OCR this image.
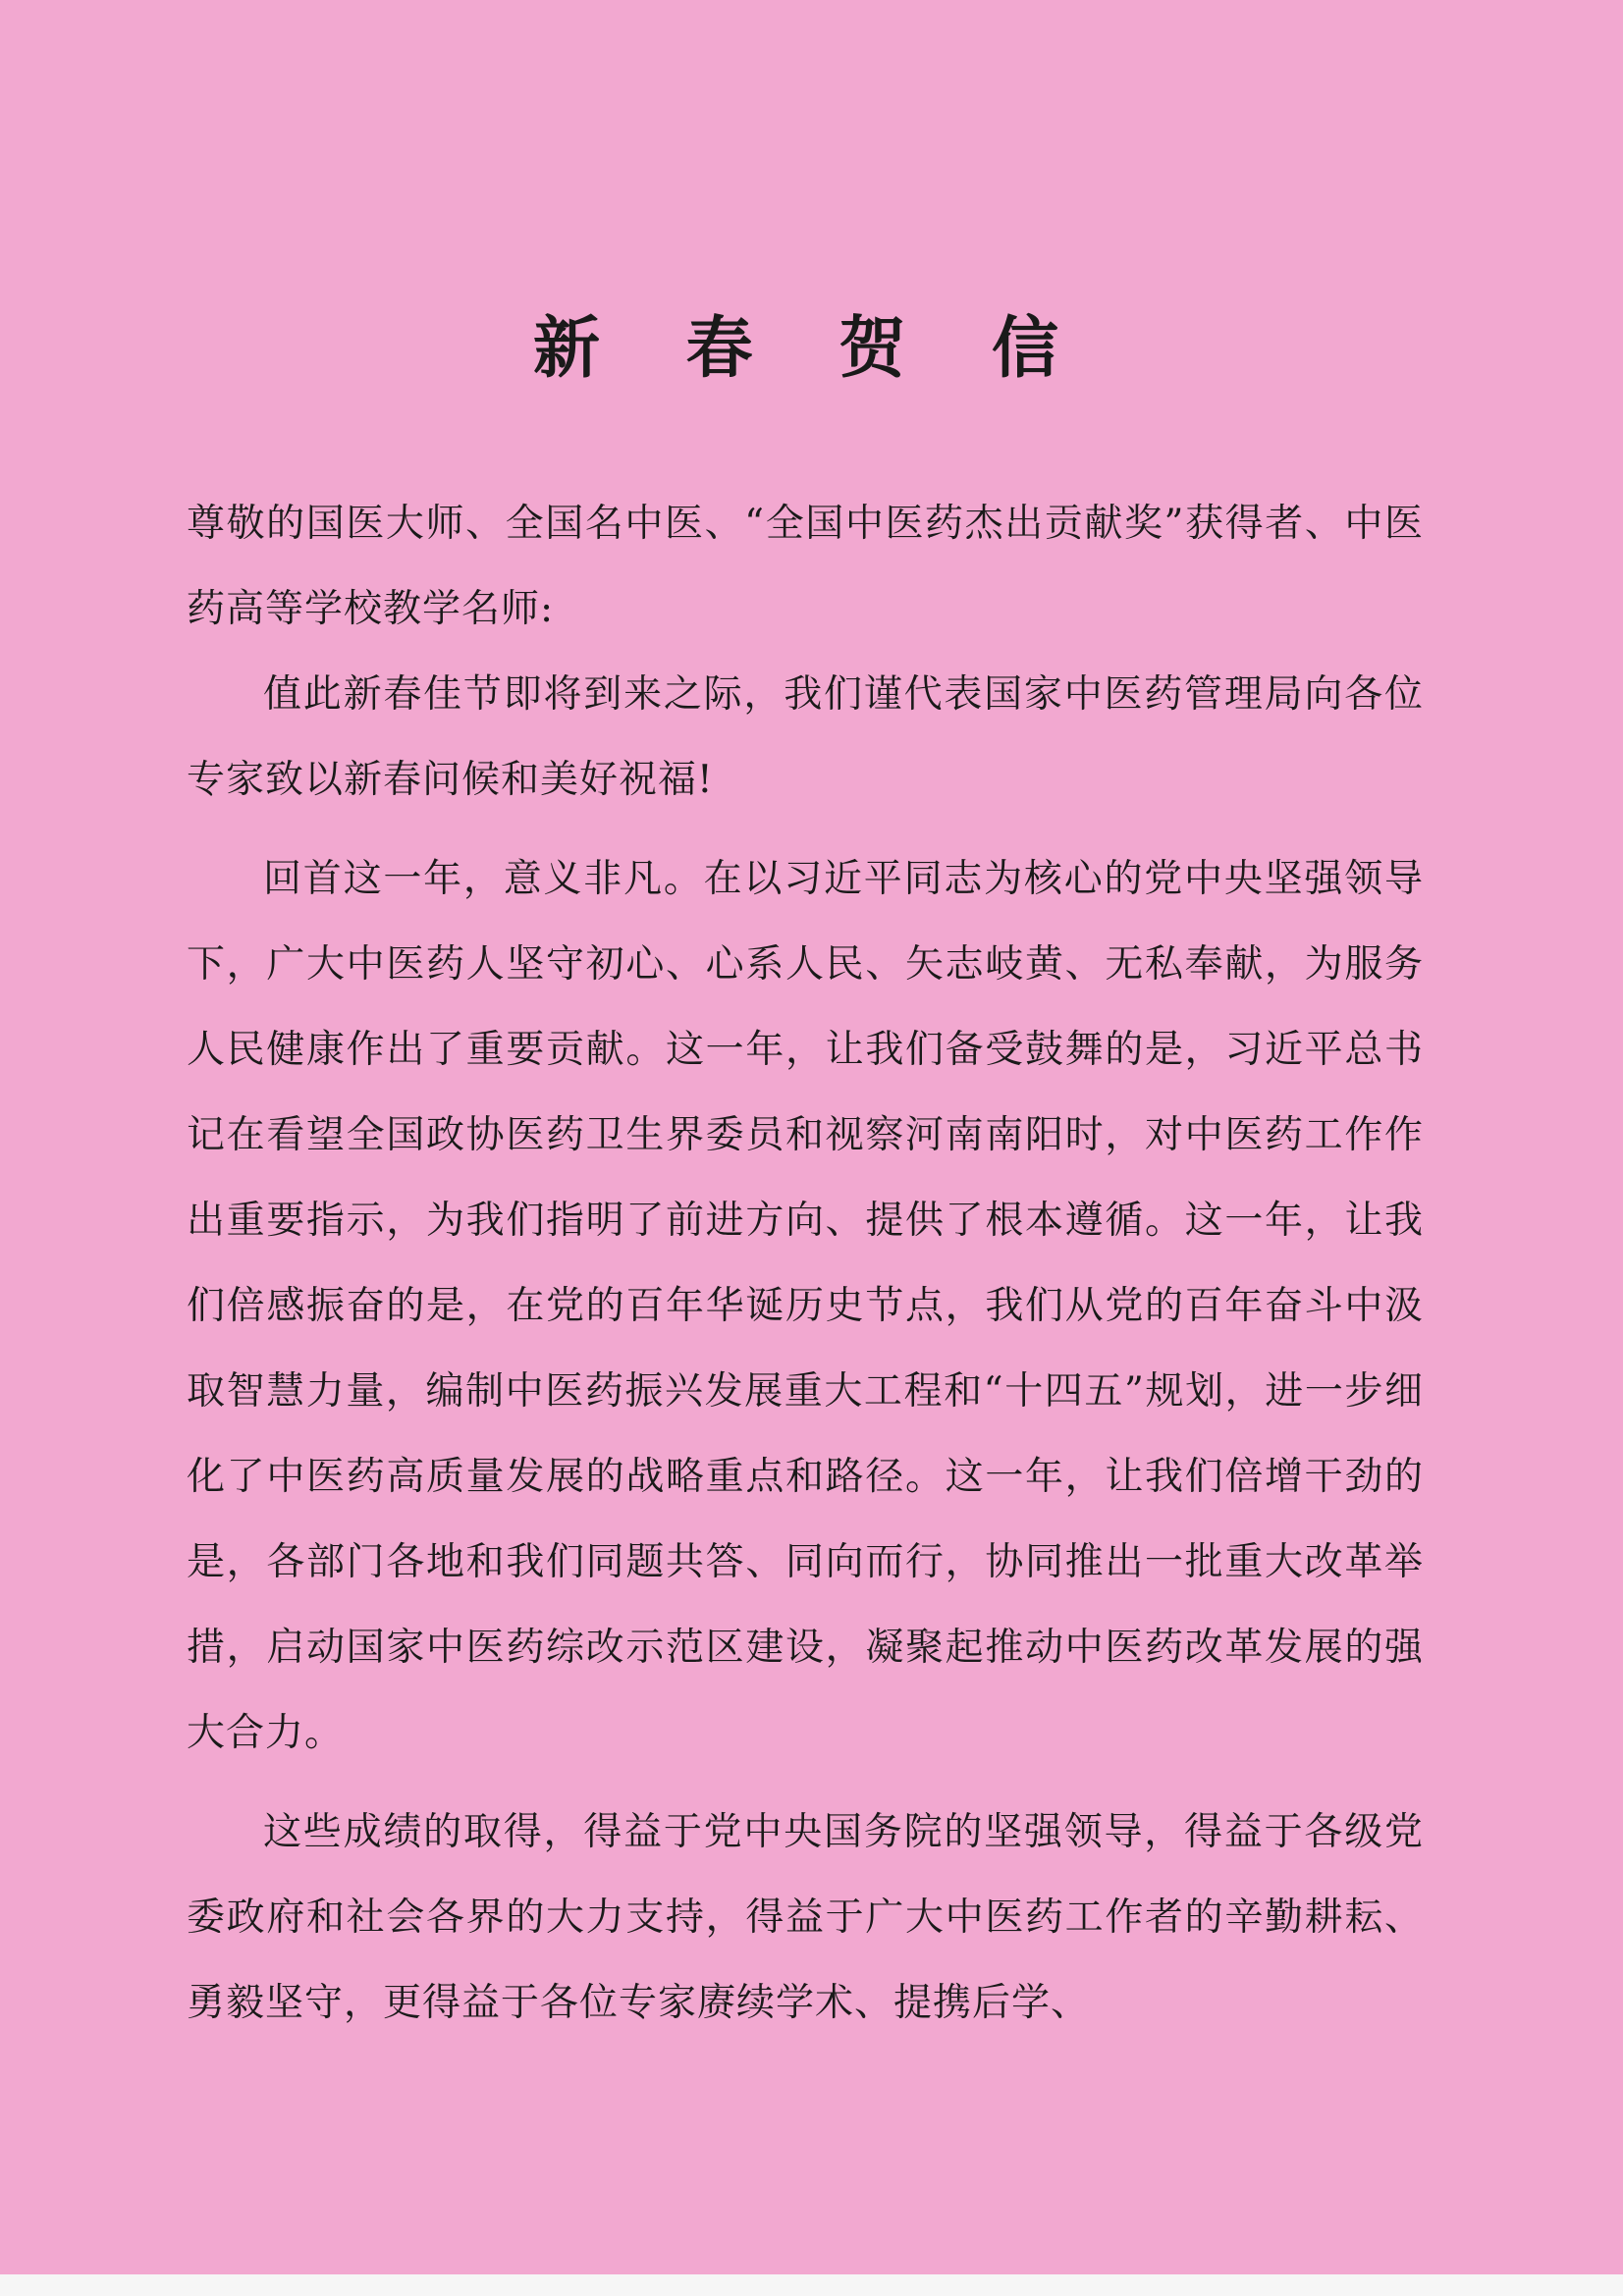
新 春 贺 信

尊敬的国医大师、全国名中医、“全国中医药杰出贡献奖”获得者、中医药高等学校教学名师:

值此新春佳节即将到来之际，我们谨代表国家中医药管理局向各位专家致以新春问候和美好祝福!

回首这一年，意义非凡。在以习近平同志为核心的党中央坚强领导下，广大中医药人坚守初心、心系人民、矢志岐黄、无私奉献，为服务人民健康作出了重要贡献。这一年，让我们备受鼓舞的是，习近平总书记在看望全国政协医药卫生界委员和视察河南南阳时，对中医药工作作出重要指示，为我们指明了前进方向、提供了根本遵循。这一年，让我们倍感振奋的是，在党的百年华诞历史节点，我们从党的百年奋斗中汲取智慧力量，编制中医药振兴发展重大工程和“十四五”规划，进一步细化了中医药高质量发展的战略重点和路径。这一年，让我们倍增干劲的是，各部门各地和我们同题共答、同向而行，协同推出一批重大改革举措，启动国家中医药综改示范区建设，凝聚起推动中医药改革发展的强大合力。

这些成绩的取得，得益于党中央国务院的坚强领导，得益于各级党委政府和社会各界的大力支持，得益于广大中医药工作者的辛勤耕耘、勇毅坚守，更得益于各位专家赓续学术、提携后学、
